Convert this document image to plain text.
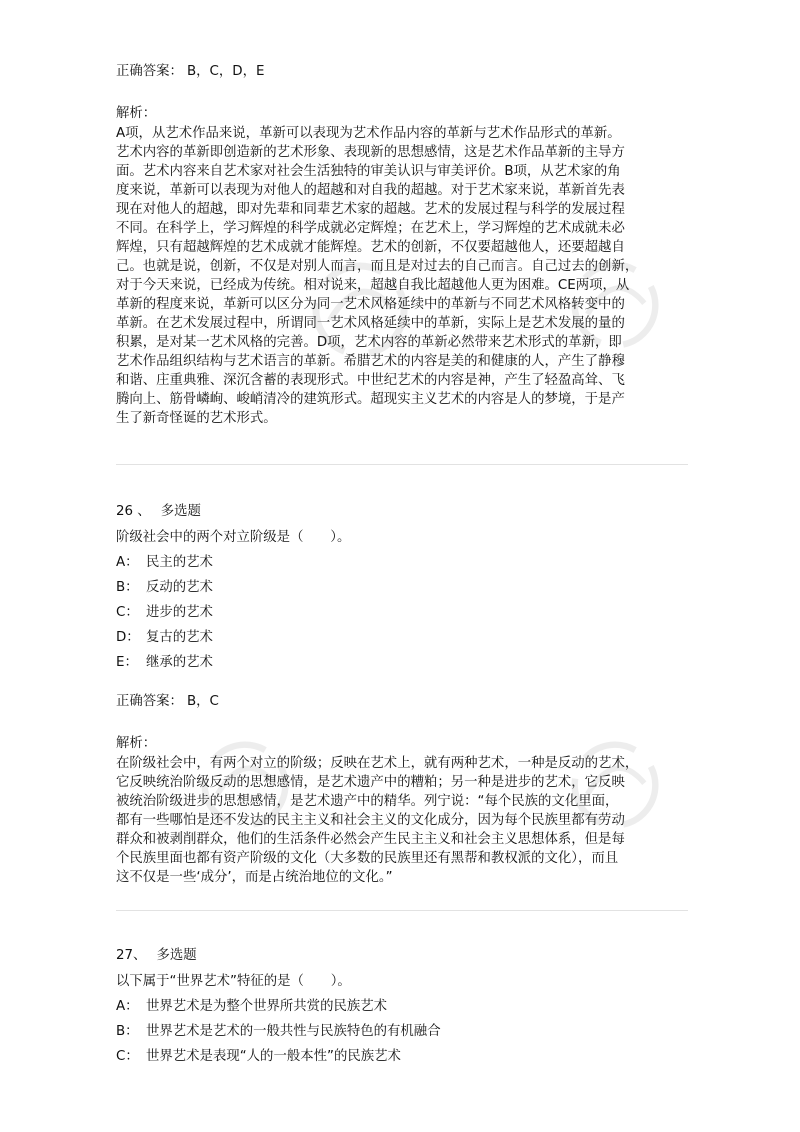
正确答案： B，C，D，E
解析：
A项，从艺术作品来说，革新可以表现为艺术作品内容的革新与艺术作品形式的革新。
艺术内容的革新即创造新的艺术形象、表现新的思想感情，这是艺术作品革新的主导方
面。艺术内容来自艺术家对社会生活独特的审美认识与审美评价。B项，从艺术家的角
度来说，革新可以表现为对他人的超越和对自我的超越。对于艺术家来说，革新首先表
现在对他人的超越，即对先辈和同辈艺术家的超越。艺术的发展过程与科学的发展过程
不同。在科学上，学习辉煌的科学成就必定辉煌；在艺术上，学习辉煌的艺术成就未必
辉煌，只有超越辉煌的艺术成就才能辉煌。艺术的创新，不仅要超越他人，还要超越自
己。也就是说，创新，不仅是对别人而言，而且是对过去的自己而言。自己过去的创新，
对于今天来说，已经成为传统。相对说来，超越自我比超越他人更为困难。CE两项，从
革新的程度来说，革新可以区分为同一艺术风格延续中的革新与不同艺术风格转变中的
革新。在艺术发展过程中，所谓同一艺术风格延续中的革新，实际上是艺术发展的量的
积累，是对某一艺术风格的完善。D项，艺术内容的革新必然带来艺术形式的革新，即
艺术作品组织结构与艺术语言的革新。希腊艺术的内容是美的和健康的人，产生了静穆
和谐、庄重典雅、深沉含蓄的表现形式。中世纪艺术的内容是神，产生了轻盈高耸、飞
腾向上、筋骨嶙峋、峻峭清冷的建筑形式。超现实主义艺术的内容是人的梦境，于是产
生了新奇怪诞的艺术形式。
26 、 多选题
阶级社会中的两个对立阶级是（　　）。
A： 民主的艺术
B： 反动的艺术
C： 进步的艺术
D： 复古的艺术
E： 继承的艺术
正确答案： B，C
解析：
在阶级社会中，有两个对立的阶级；反映在艺术上，就有两种艺术，一种是反动的艺术，
它反映统治阶级反动的思想感情，是艺术遗产中的糟粕；另一种是进步的艺术，它反映
被统治阶级进步的思想感情，是艺术遗产中的精华。列宁说：“每个民族的文化里面，
都有一些哪怕是还不发达的民主主义和社会主义的文化成分，因为每个民族里都有劳动
群众和被剥削群众，他们的生活条件必然会产生民主主义和社会主义思想体系，但是每
个民族里面也都有资产阶级的文化（大多数的民族里还有黑帮和教权派的文化），而且
这不仅是一些‘成分’，而是占统治地位的文化。”
27、 多选题
以下属于“世界艺术”特征的是（　　）。
A： 世界艺术是为整个世界所共赏的民族艺术
B： 世界艺术是艺术的一般共性与民族特色的有机融合
C： 世界艺术是表现“人的一般本性”的民族艺术
